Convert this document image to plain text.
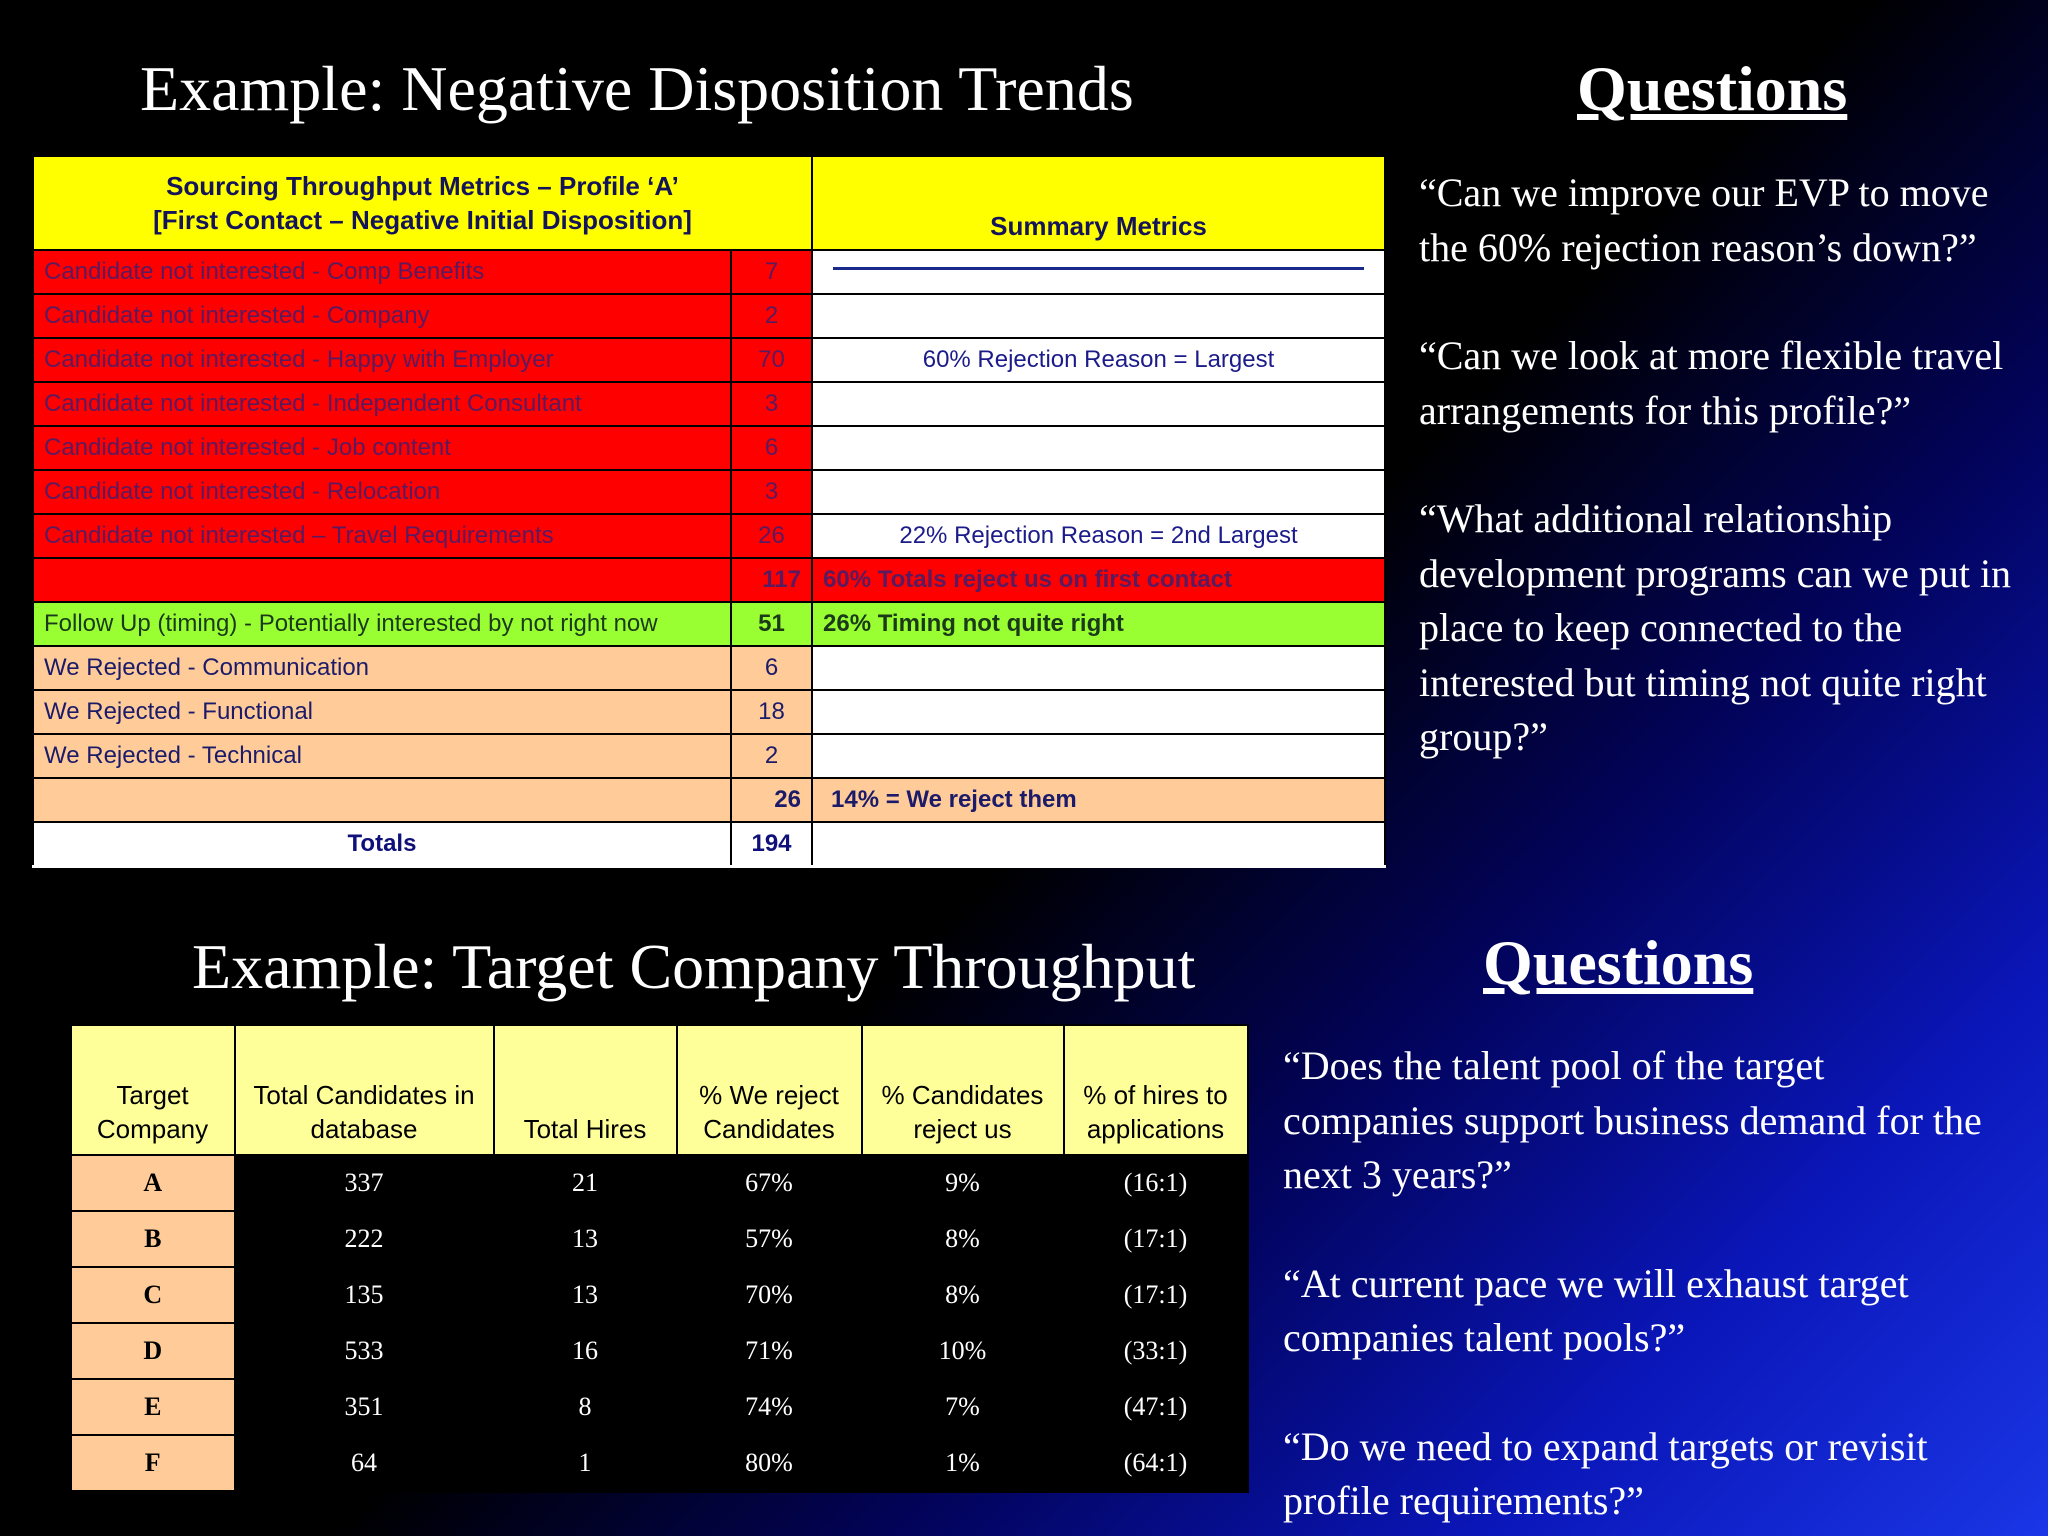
Example: Negative Disposition Trends	Questions

“Can we improve our EVP to move the 60% rejection reason’s down?”

“Can we look at more flexible travel arrangements for this profile?”

“What additional relationship development programs can we put in place to keep connected to the interested but timing not quite right group?”

Sourcing Throughput Metrics – Profile ‘A’
[First Contact – Negative Initial Disposition]		Summary Metrics
Candidate not interested - Comp Benefits	7	

Candidate not interested - Company	2	
Candidate not interested - Happy with Employer	70	60% Rejection Reason = Largest
Candidate not interested - Independent Consultant	3	
Candidate not interested - Job content	6	
Candidate not interested - Relocation	3	
Candidate not interested – Travel Requirements	26	22% Rejection Reason = 2nd Largest
	117	60% Totals reject us on first contact
Follow Up (timing) - Potentially interested by not right now	51	26% Timing not quite right
We Rejected - Communication	6	
We Rejected - Functional	18	
We Rejected - Technical	2	
	26	14% = We reject them
Totals	194	
Example: Target Company Throughput	Questions

“Does the talent pool of the target companies support business demand for the next 3 years?”

“At current pace we will exhaust target companies talent pools?”

“Do we need to expand targets or revisit profile requirements?”

Target Company	Total Candidates in database	Total Hires	% We reject Candidates	% Candidates reject us	% of hires to applications
A	337	21	67%	9%	(16:1)
B	222	13	57%	8%	(17:1)
C	135	13	70%	8%	(17:1)
D	533	16	71%	10%	(33:1)
E	351	8	74%	7%	(47:1)
F	64	1	80%	1%	(64:1)
